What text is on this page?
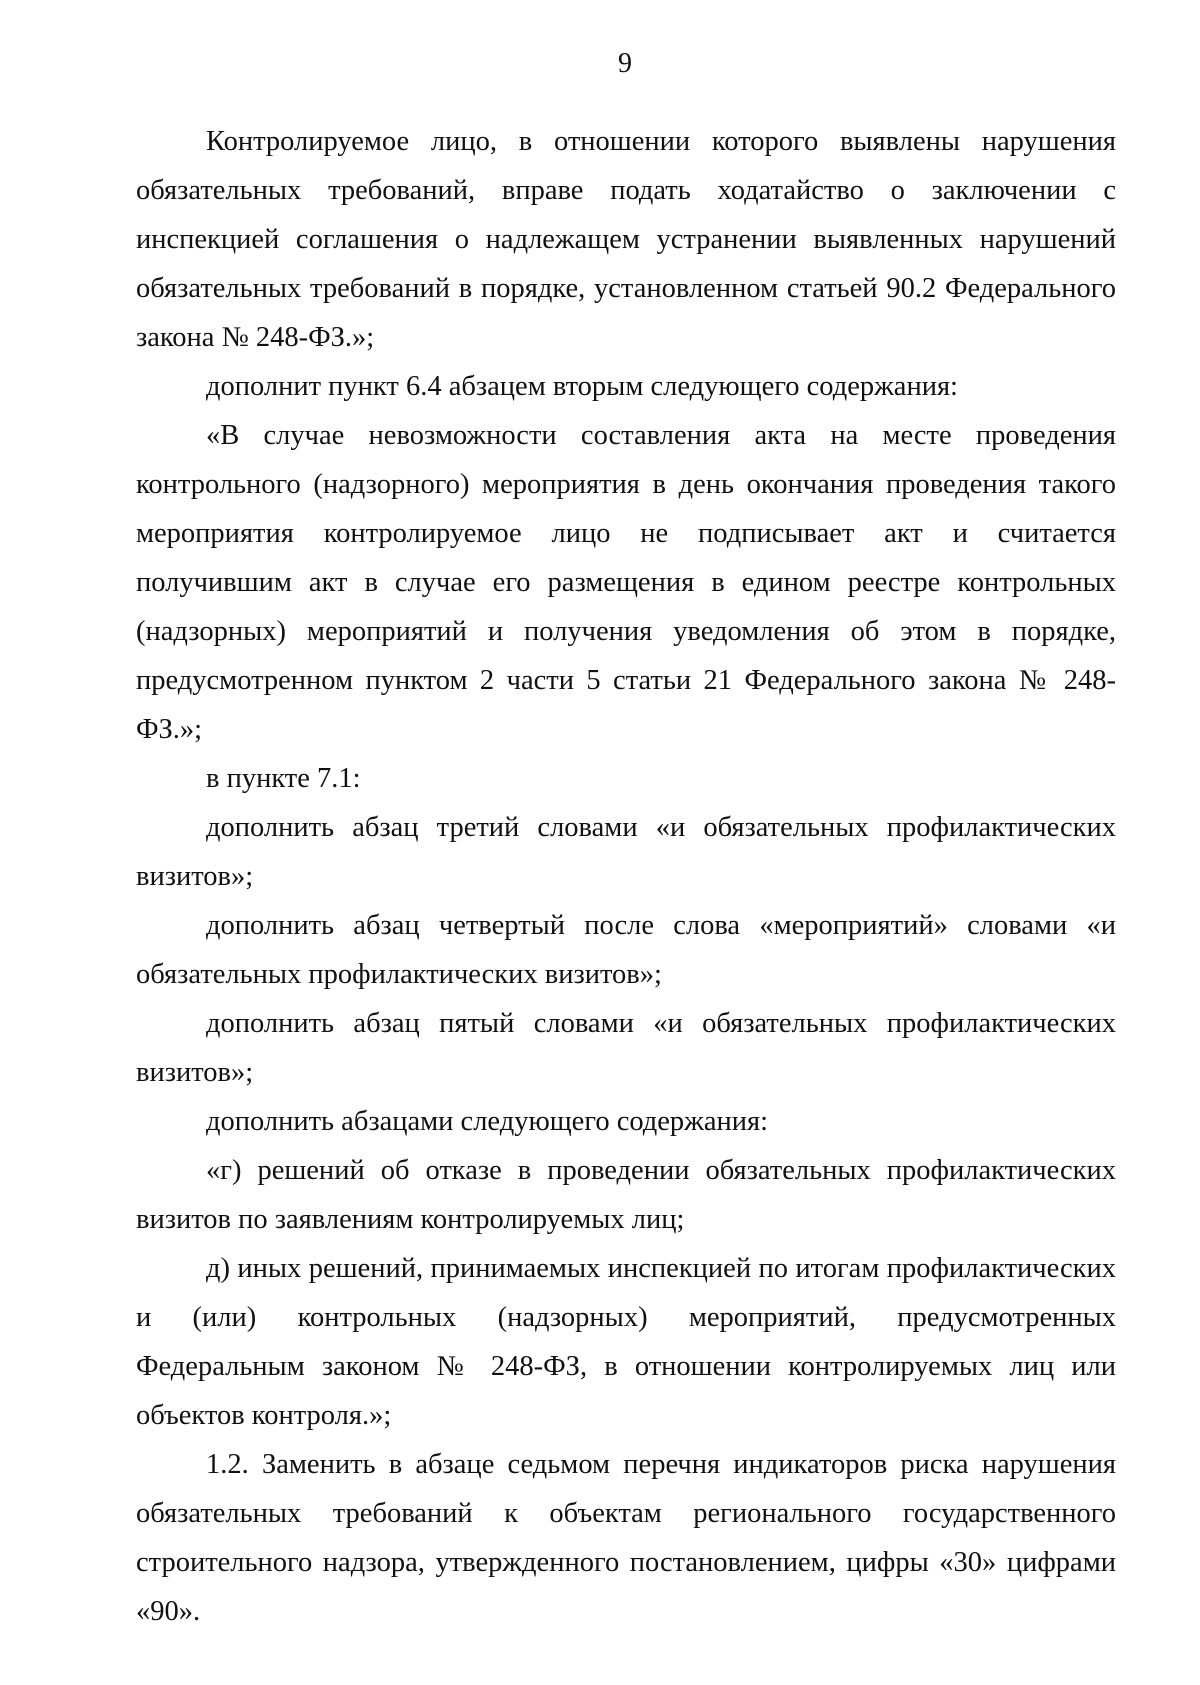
9

Контролируемое лицо, в отношении которого выявлены нарушения обязательных требований, вправе подать ходатайство о заключении с инспекцией соглашения о надлежащем устранении выявленных нарушений обязательных требований в порядке, установленном статьей 90.2 Федерального закона № 248-ФЗ.»;

дополнит пункт 6.4 абзацем вторым следующего содержания:

«В случае невозможности составления акта на месте проведения контрольного (надзорного) мероприятия в день окончания проведения такого мероприятия контролируемое лицо не подписывает акт и считается получившим акт в случае его размещения в едином реестре контрольных (надзорных) мероприятий и получения уведомления об этом в порядке, предусмотренном пунктом 2 части 5 статьи 21 Федерального закона № 248-ФЗ.»;

в пункте 7.1:

дополнить абзац третий словами «и обязательных профилактических визитов»;

дополнить абзац четвертый после слова «мероприятий» словами «и обязательных профилактических визитов»;

дополнить абзац пятый словами «и обязательных профилактических визитов»;

дополнить абзацами следующего содержания:

«г) решений об отказе в проведении обязательных профилактических визитов по заявлениям контролируемых лиц;

д) иных решений, принимаемых инспекцией по итогам профилактических и (или) контрольных (надзорных) мероприятий, предусмотренных Федеральным законом № 248-ФЗ, в отношении контролируемых лиц или объектов контроля.»;

1.2. Заменить в абзаце седьмом перечня индикаторов риска нарушения обязательных требований к объектам регионального государственного строительного надзора, утвержденного постановлением, цифры «30» цифрами «90».
